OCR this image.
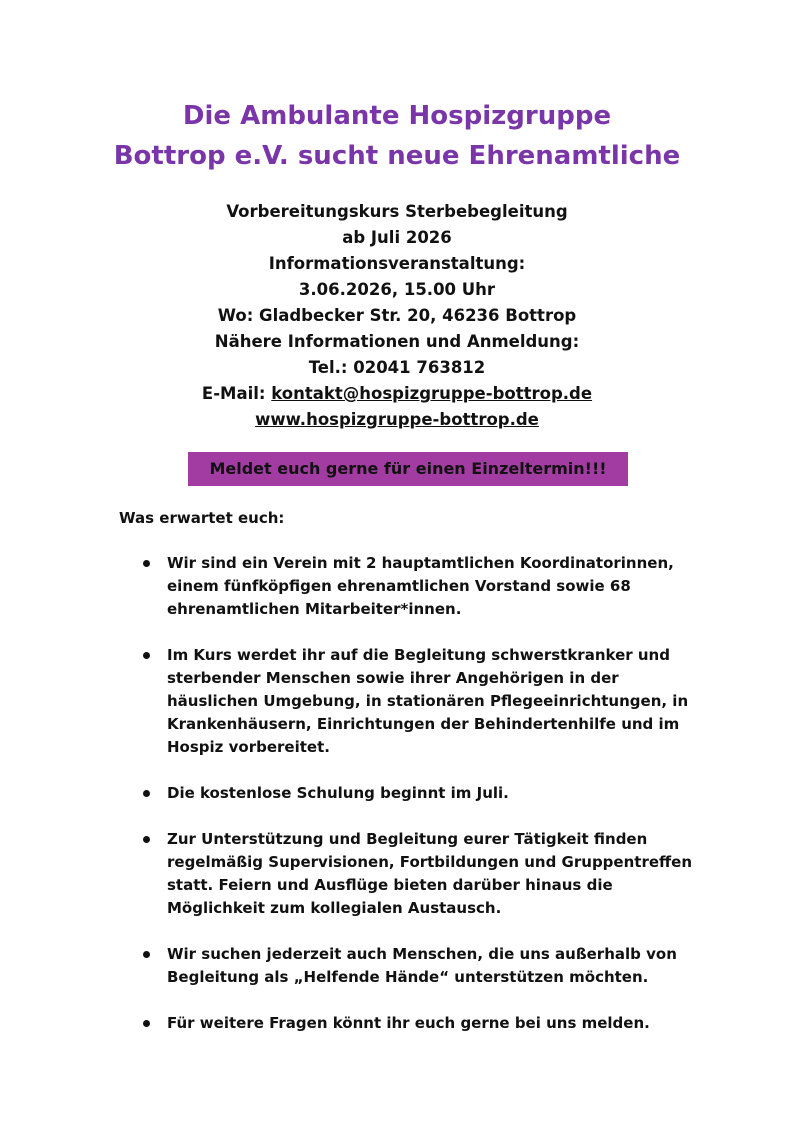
Die Ambulante Hospizgruppe
Bottrop e.V. sucht neue Ehrenamtliche
Vorbereitungskurs Sterbebegleitung
ab Juli 2026
Informationsveranstaltung:
3.06.2026, 15.00 Uhr
Wo: Gladbecker Str. 20, 46236 Bottrop
Nähere Informationen und Anmeldung:
Tel.: 02041 763812
E-Mail: kontakt@hospizgruppe-bottrop.de
www.hospizgruppe-bottrop.de
Meldet euch gerne für einen Einzeltermin!!!
Was erwartet euch:
Wir sind ein Verein mit 2 hauptamtlichen Koordinatorinnen,
einem fünfköpfigen ehrenamtlichen Vorstand sowie 68
ehrenamtlichen Mitarbeiter*innen.
Im Kurs werdet ihr auf die Begleitung schwerstkranker und
sterbender Menschen sowie ihrer Angehörigen in der
häuslichen Umgebung, in stationären Pflegeeinrichtungen, in
Krankenhäusern, Einrichtungen der Behindertenhilfe und im
Hospiz vorbereitet.
Die kostenlose Schulung beginnt im Juli.
Zur Unterstützung und Begleitung eurer Tätigkeit finden
regelmäßig Supervisionen, Fortbildungen und Gruppentreffen
statt. Feiern und Ausflüge bieten darüber hinaus die
Möglichkeit zum kollegialen Austausch.
Wir suchen jederzeit auch Menschen, die uns außerhalb von
Begleitung als „Helfende Hände“ unterstützen möchten.
Für weitere Fragen könnt ihr euch gerne bei uns melden.
